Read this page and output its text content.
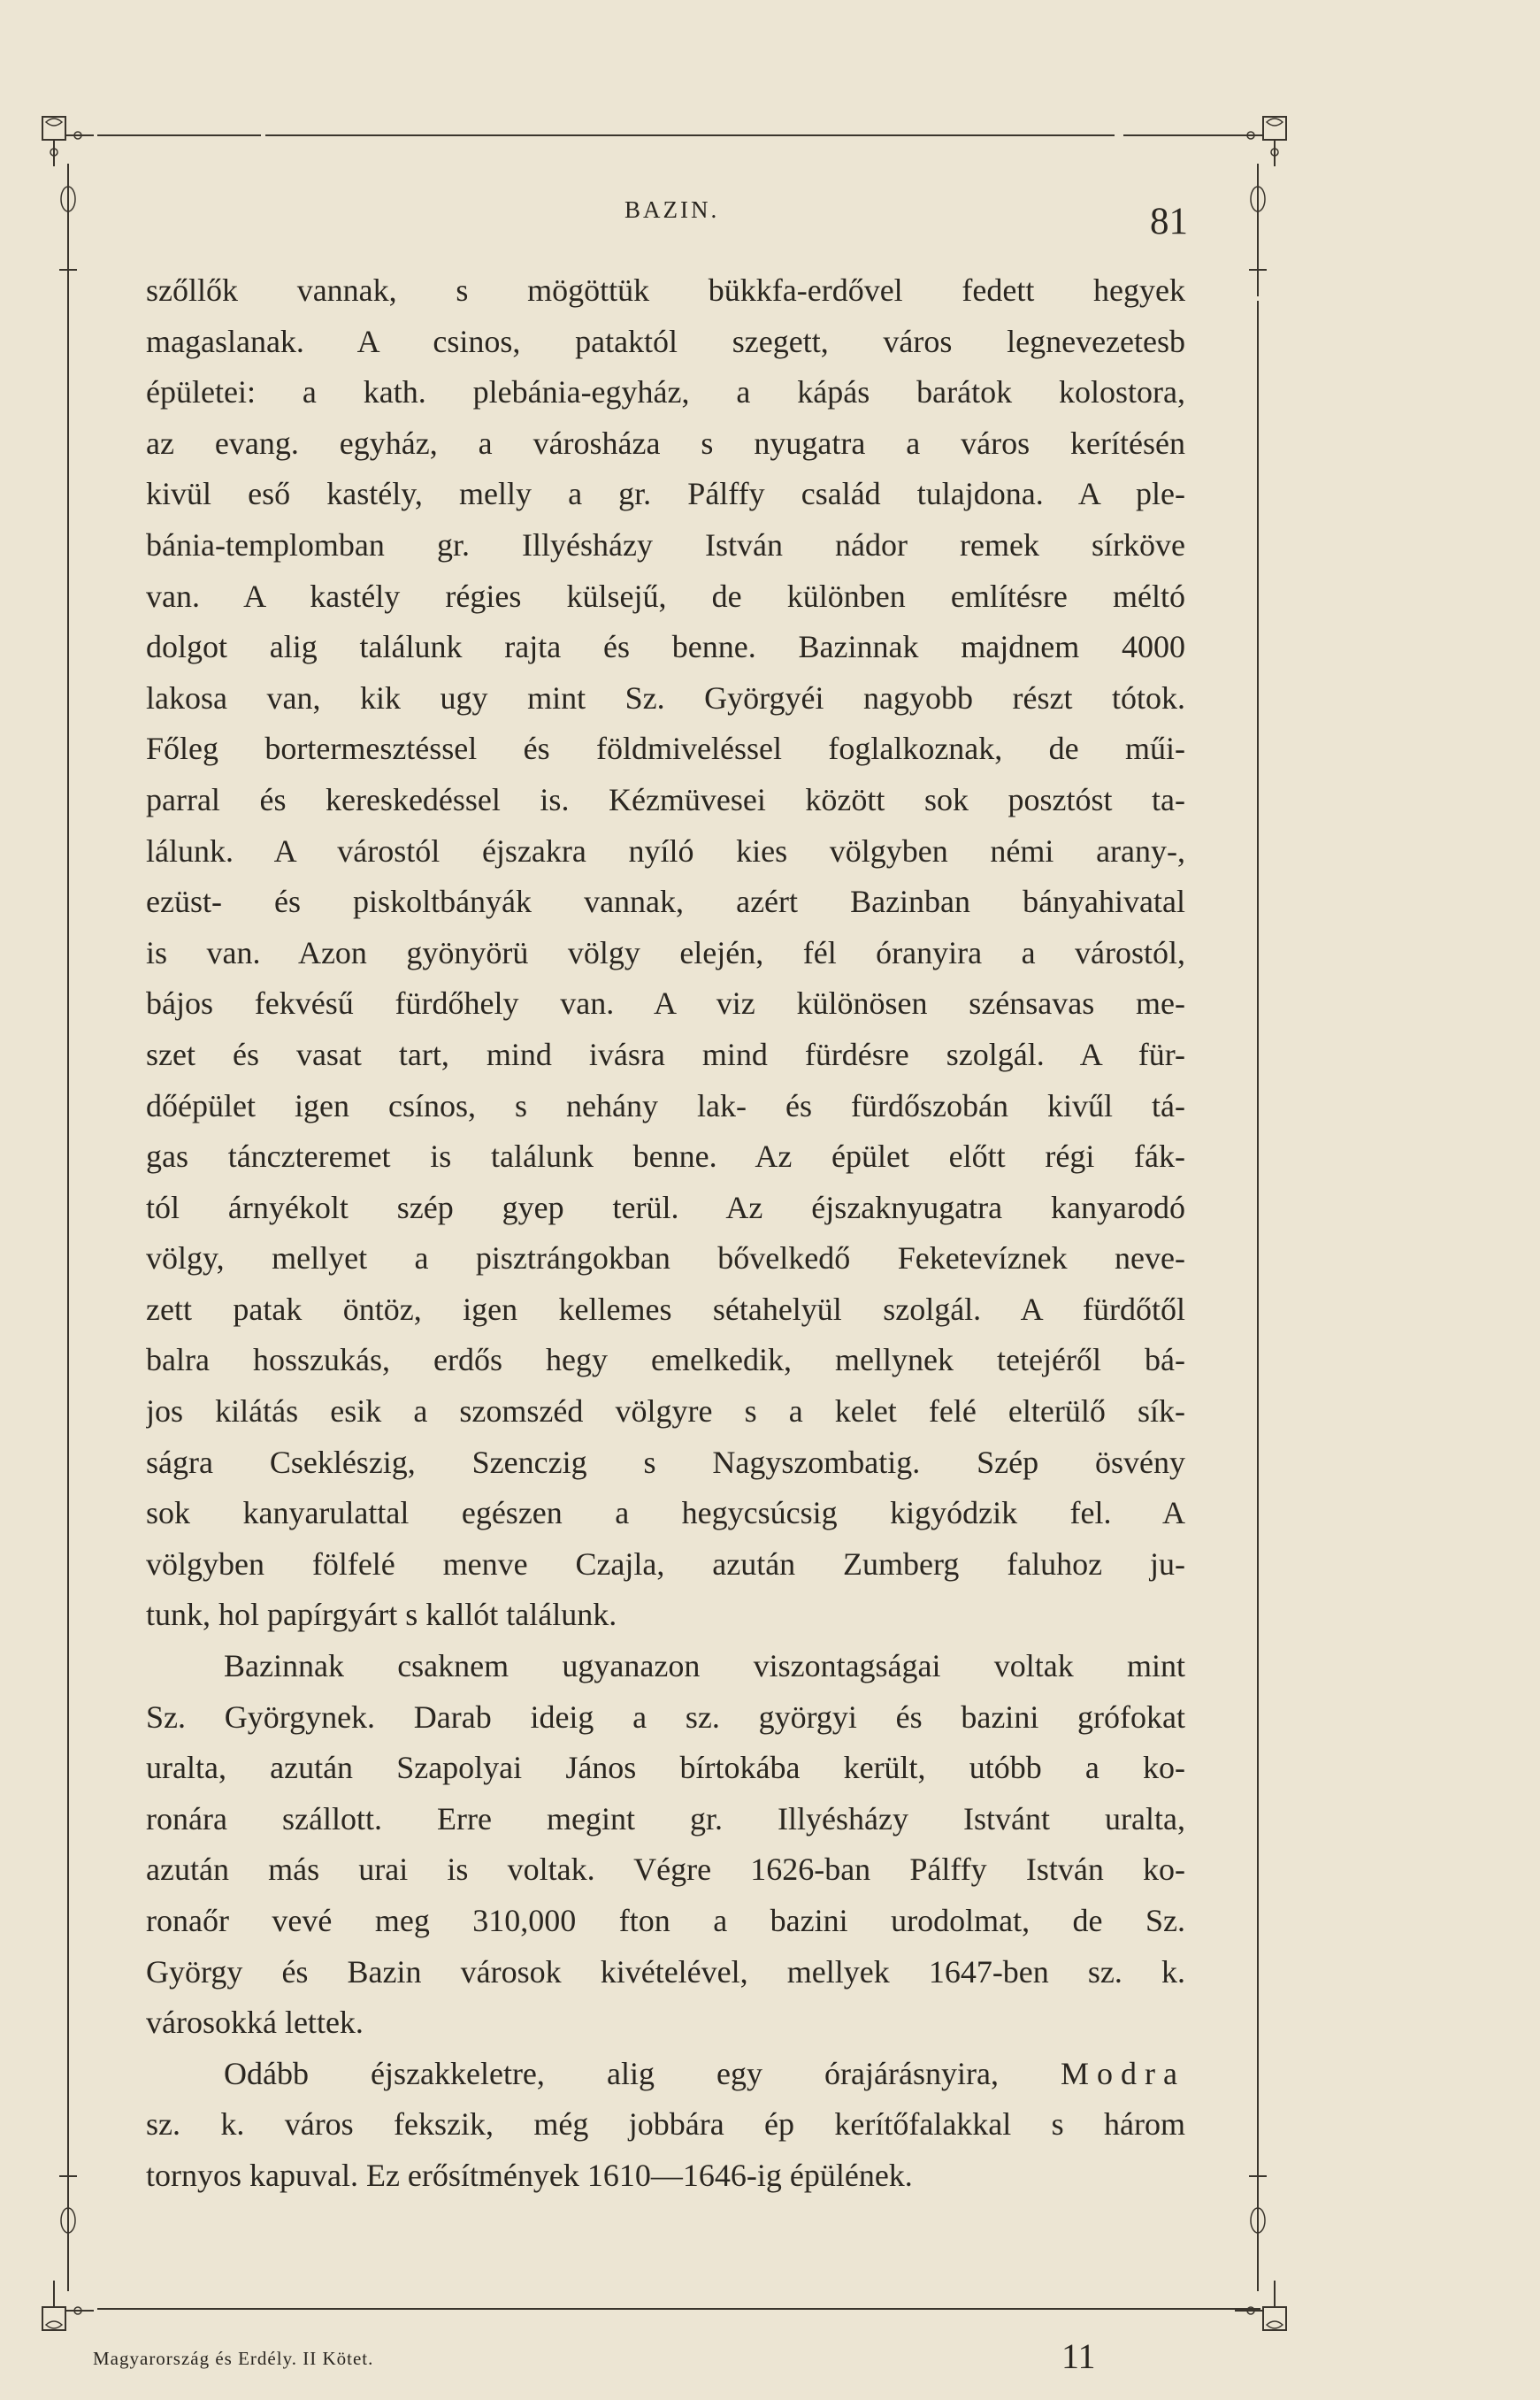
BAZIN.	81
szőllők vannak, s mögöttük bükkfa-erdővel fedett hegyek
magaslanak. A csinos, pataktól szegett, város legnevezetesb
épületei: a kath. plebánia-egyház, a kápás barátok kolostora,
az evang. egyház, a városháza s nyugatra a város kerítésén
kivül eső kastély, melly a gr. Pálffy család tulajdona. A ple-
bánia-templomban gr. Illyésházy István nádor remek sírköve
van. A kastély régies külsejű, de különben említésre méltó
dolgot alig találunk rajta és benne. Bazinnak majdnem 4000
lakosa van, kik ugy mint Sz. Györgyéi nagyobb részt tótok.
Főleg bortermesztéssel és földmiveléssel foglalkoznak, de műi-
parral és kereskedéssel is. Kézmüvesei között sok posztóst ta-
lálunk. A várostól éjszakra nyíló kies völgyben némi arany-,
ezüst- és piskoltbányák vannak, azért Bazinban bányahivatal
is van. Azon gyönyörü völgy elején, fél óranyira a várostól,
bájos fekvésű fürdőhely van. A viz különösen szénsavas me-
szet és vasat tart, mind ivásra mind fürdésre szolgál. A für-
dőépület igen csínos, s nehány lak- és fürdőszobán kivűl tá-
gas tánczteremet is találunk benne. Az épület előtt régi fák-
tól árnyékolt szép gyep terül. Az éjszaknyugatra kanyarodó
völgy, mellyet a pisztrángokban bővelkedő Feketevíznek neve-
zett patak öntöz, igen kellemes sétahelyül szolgál. A fürdőtől
balra hosszukás, erdős hegy emelkedik, mellynek tetejéről bá-
jos kilátás esik a szomszéd völgyre s a kelet felé elterülő sík-
ságra Cseklészig, Szenczig s Nagyszombatig. Szép ösvény
sok kanyarulattal egészen a hegycsúcsig kigyódzik fel. A
völgyben fölfelé menve Czajla, azután Zumberg faluhoz ju-
tunk, hol papírgyárt s kallót találunk.
Bazinnak csaknem ugyanazon viszontagságai voltak mint
Sz. Györgynek. Darab ideig a sz. györgyi és bazini grófokat
uralta, azután Szapolyai János bírtokába került, utóbb a ko-
ronára szállott. Erre megint gr. Illyésházy Istvánt uralta,
azután más urai is voltak. Végre 1626-ban Pálffy István ko-
ronaőr vevé meg 310,000 fton a bazini urodolmat, de Sz.
György és Bazin városok kivételével, mellyek 1647-ben sz. k.
városokká lettek.
Odább éjszakkeletre, alig egy órajárásnyira, Modra
sz. k. város fekszik, még jobbára ép kerítőfalakkal s három
tornyos kapuval. Ez erősítmények 1610—1646-ig épülének.
Magyarország és Erdély. II Kötet.	11
